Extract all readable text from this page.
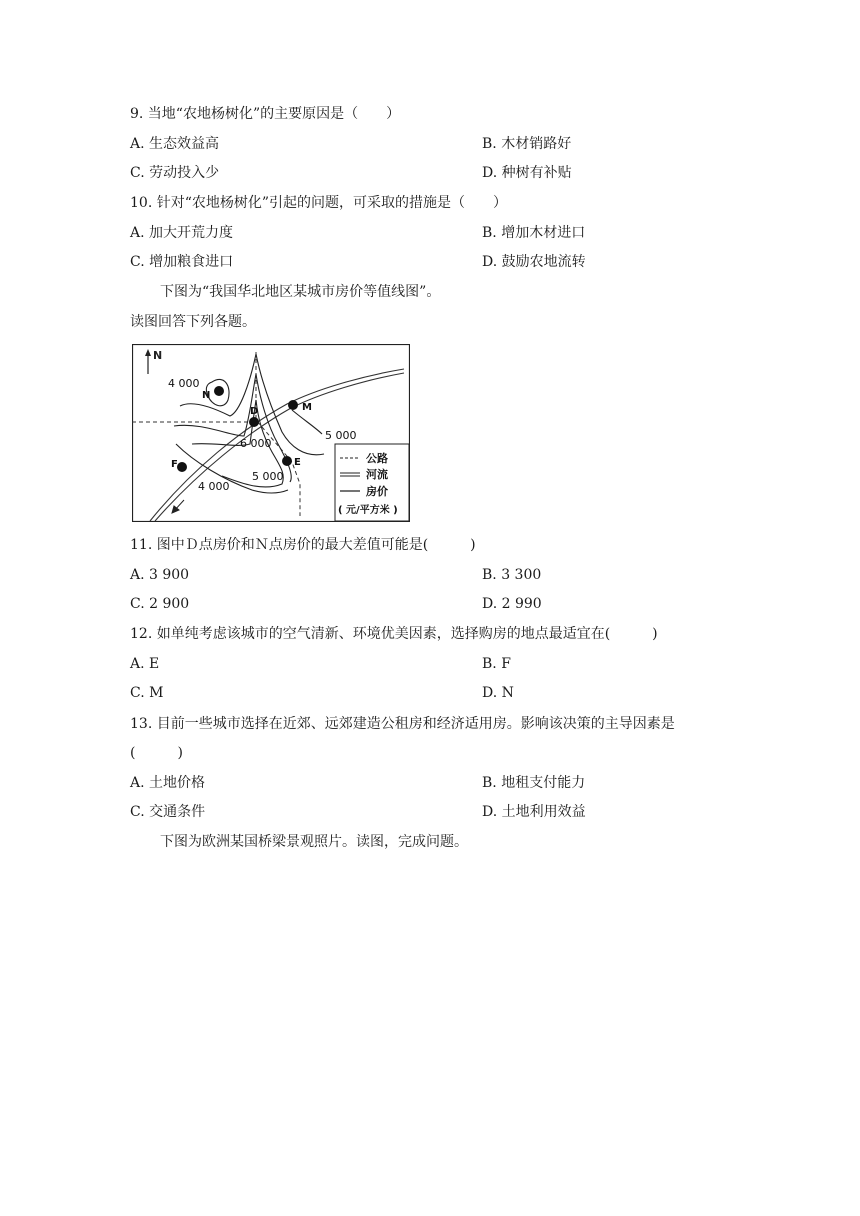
9. 当地“农地杨树化”的主要原因是（　　）
A. 生态效益高	B. 木材销路好
C. 劳动投入少	D. 种树有补贴
10. 针对“农地杨树化”引起的问题，可采取的措施是（　　）
A. 加大开荒力度	B. 增加木材进口
C. 增加粮食进口	D. 鼓励农地流转
下图为“我国华北地区某城市房价等值线图”。
读图回答下列各题。
N
N
D	M
E
F
4 000
5 000
6 000
5 000
4 000
公路
河流
房价
( 元/平方米 )
11. 图中Ｄ点房价和Ｎ点房价的最大差值可能是(　　　)
A. 3 900	B. 3 300
C. 2 900	D. 2 990
12. 如单纯考虑该城市的空气清新、环境优美因素，选择购房的地点最适宜在(　　　)
A. E	B. F
C. M	D. N
13. 目前一些城市选择在近郊、远郊建造公租房和经济适用房。影响该决策的主导因素是
(　　　)
A. 土地价格	B. 地租支付能力
C. 交通条件	D. 土地利用效益
下图为欧洲某国桥梁景观照片。读图，完成问题。
